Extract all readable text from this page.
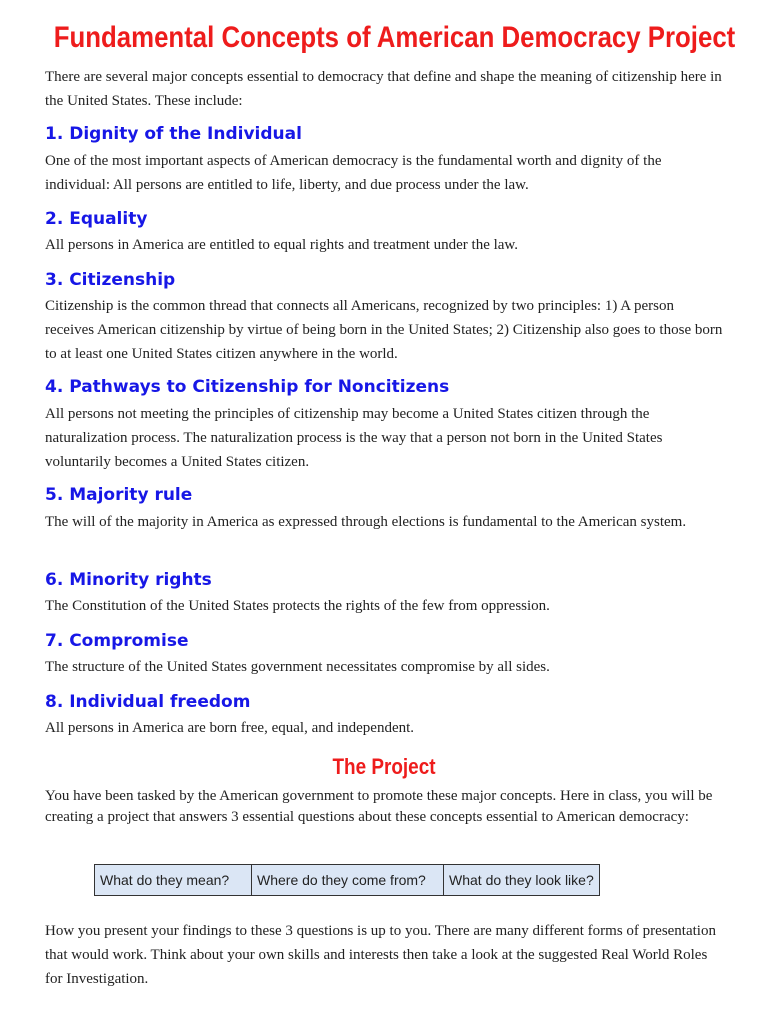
Fundamental Concepts of American Democracy Project

There are several major concepts essential to democracy that define and shape the meaning of citizenship here in the United States. These include:

1. Dignity of the Individual

One of the most important aspects of American democracy is the fundamental worth and dignity of the individual: All persons are entitled to life, liberty, and due process under the law.

2. Equality

All persons in America are entitled to equal rights and treatment under the law.

3. Citizenship

Citizenship is the common thread that connects all Americans, recognized by two principles: 1) A person receives American citizenship by virtue of being born in the United States; 2) Citizenship also goes to those born to at least one United States citizen anywhere in the world.

4. Pathways to Citizenship for Noncitizens

All persons not meeting the principles of citizenship may become a United States citizen through the naturalization process. The naturalization process is the way that a person not born in the United States voluntarily becomes a United States citizen.

5. Majority rule

The will of the majority in America as expressed through elections is fundamental to the American system.

6. Minority rights

The Constitution of the United States protects the rights of the few from oppression.

7. Compromise

The structure of the United States government necessitates compromise by all sides.

8. Individual freedom

All persons in America are born free, equal, and independent.

The Project

You have been tasked by the American government to promote these major concepts. Here in class, you will be creating a project that answers 3 essential questions about these concepts essential to American democracy:

What do they mean?	Where do they come from?	What do they look like?

How you present your findings to these 3 questions is up to you. There are many different forms of presentation that would work. Think about your own skills and interests then take a look at the suggested Real World Roles for Investigation.
